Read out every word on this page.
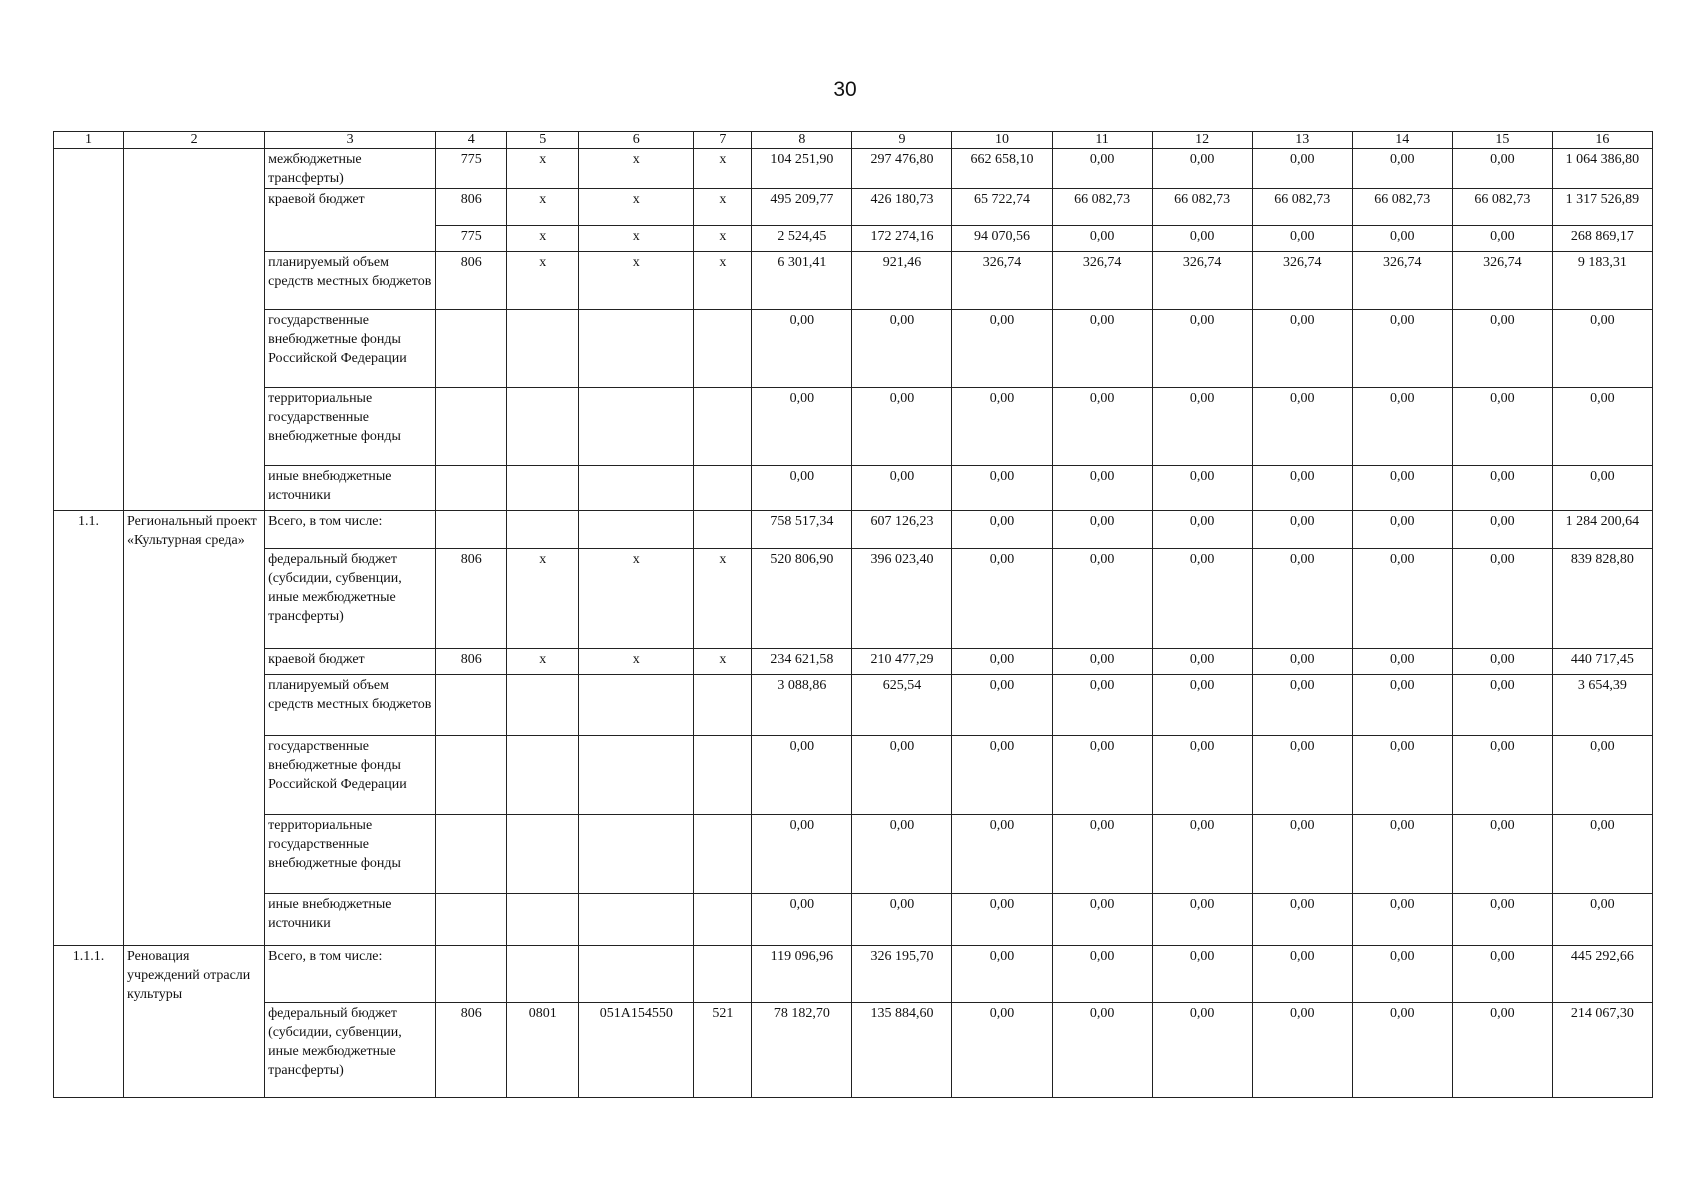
30
1	2	3	4	5	6	7	8	9	10	11	12	13	14	15	16
		межбюджетные трансферты)	775	х	х	х	104 251,90	297 476,80	662 658,10	0,00	0,00	0,00	0,00	0,00	1 064 386,80
		краевой бюджет	806	х	х	х	495 209,77	426 180,73	65 722,74	66 082,73	66 082,73	66 082,73	66 082,73	66 082,73	1 317 526,89
			775	х	х	х	2 524,45	172 274,16	94 070,56	0,00	0,00	0,00	0,00	0,00	268 869,17
		планируемый объем средств местных бюджетов	806	х	х	х	6 301,41	921,46	326,74	326,74	326,74	326,74	326,74	326,74	9 183,31
		государственные внебюджетные фонды Российской Федерации					0,00	0,00	0,00	0,00	0,00	0,00	0,00	0,00	0,00
		территориальные государственные внебюджетные фонды					0,00	0,00	0,00	0,00	0,00	0,00	0,00	0,00	0,00
		иные внебюджетные источники					0,00	0,00	0,00	0,00	0,00	0,00	0,00	0,00	0,00
1.1.	Региональный проект «Культурная среда»	Всего, в том числе:					758 517,34	607 126,23	0,00	0,00	0,00	0,00	0,00	0,00	1 284 200,64
		федеральный бюджет (субсидии, субвенции, иные межбюджетные трансферты)	806	х	х	х	520 806,90	396 023,40	0,00	0,00	0,00	0,00	0,00	0,00	839 828,80
		краевой бюджет	806	х	х	х	234 621,58	210 477,29	0,00	0,00	0,00	0,00	0,00	0,00	440 717,45
		планируемый объем средств местных бюджетов					3 088,86	625,54	0,00	0,00	0,00	0,00	0,00	0,00	3 654,39
		государственные внебюджетные фонды Российской Федерации					0,00	0,00	0,00	0,00	0,00	0,00	0,00	0,00	0,00
		территориальные государственные внебюджетные фонды					0,00	0,00	0,00	0,00	0,00	0,00	0,00	0,00	0,00
		иные внебюджетные источники					0,00	0,00	0,00	0,00	0,00	0,00	0,00	0,00	0,00
1.1.1.	Реновация учреждений отрасли культуры	Всего, в том числе:					119 096,96	326 195,70	0,00	0,00	0,00	0,00	0,00	0,00	445 292,66
		федеральный бюджет (субсидии, субвенции, иные межбюджетные трансферты)	806	0801	051А154550	521	78 182,70	135 884,60	0,00	0,00	0,00	0,00	0,00	0,00	214 067,30
